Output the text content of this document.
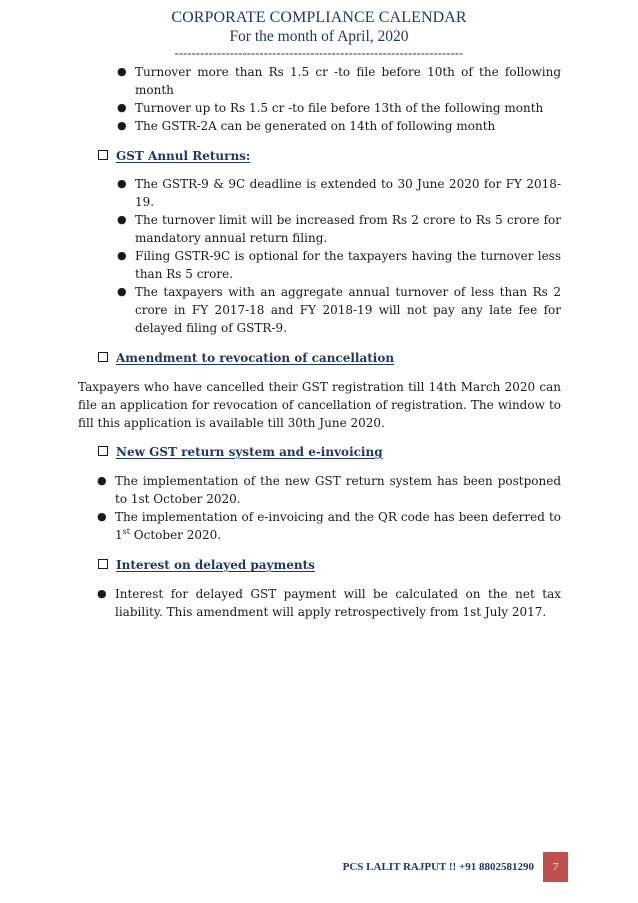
CORPORATE COMPLIANCE CALENDAR
For the month of April, 2020
--------------------------------------------------------------------
● Turnover more than Rs 1.5 cr -to file before 10th of the following month
● Turnover up to Rs 1.5 cr -to file before 13th of the following month
● The GSTR-2A can be generated on 14th of following month
GST Annul Returns:
● The GSTR-9 & 9C deadline is extended to 30 June 2020 for FY 2018-19.
● The turnover limit will be increased from Rs 2 crore to Rs 5 crore for mandatory annual return filing.
● Filing GSTR-9C is optional for the taxpayers having the turnover less than Rs 5 crore.
● The taxpayers with an aggregate annual turnover of less than Rs 2 crore in FY 2017-18 and FY 2018-19 will not pay any late fee for delayed filing of GSTR-9.
Amendment to revocation of cancellation
Taxpayers who have cancelled their GST registration till 14th March 2020 can file an application for revocation of cancellation of registration. The window to fill this application is available till 30th June 2020.
New GST return system and e-invoicing
● The implementation of the new GST return system has been postponed to 1st October 2020.
● The implementation of e-invoicing and the QR code has been deferred to 1st October 2020.
Interest on delayed payments
● Interest for delayed GST payment will be calculated on the net tax liability. This amendment will apply retrospectively from 1st July 2017.
PCS LALIT RAJPUT !! +91 8802581290	7
